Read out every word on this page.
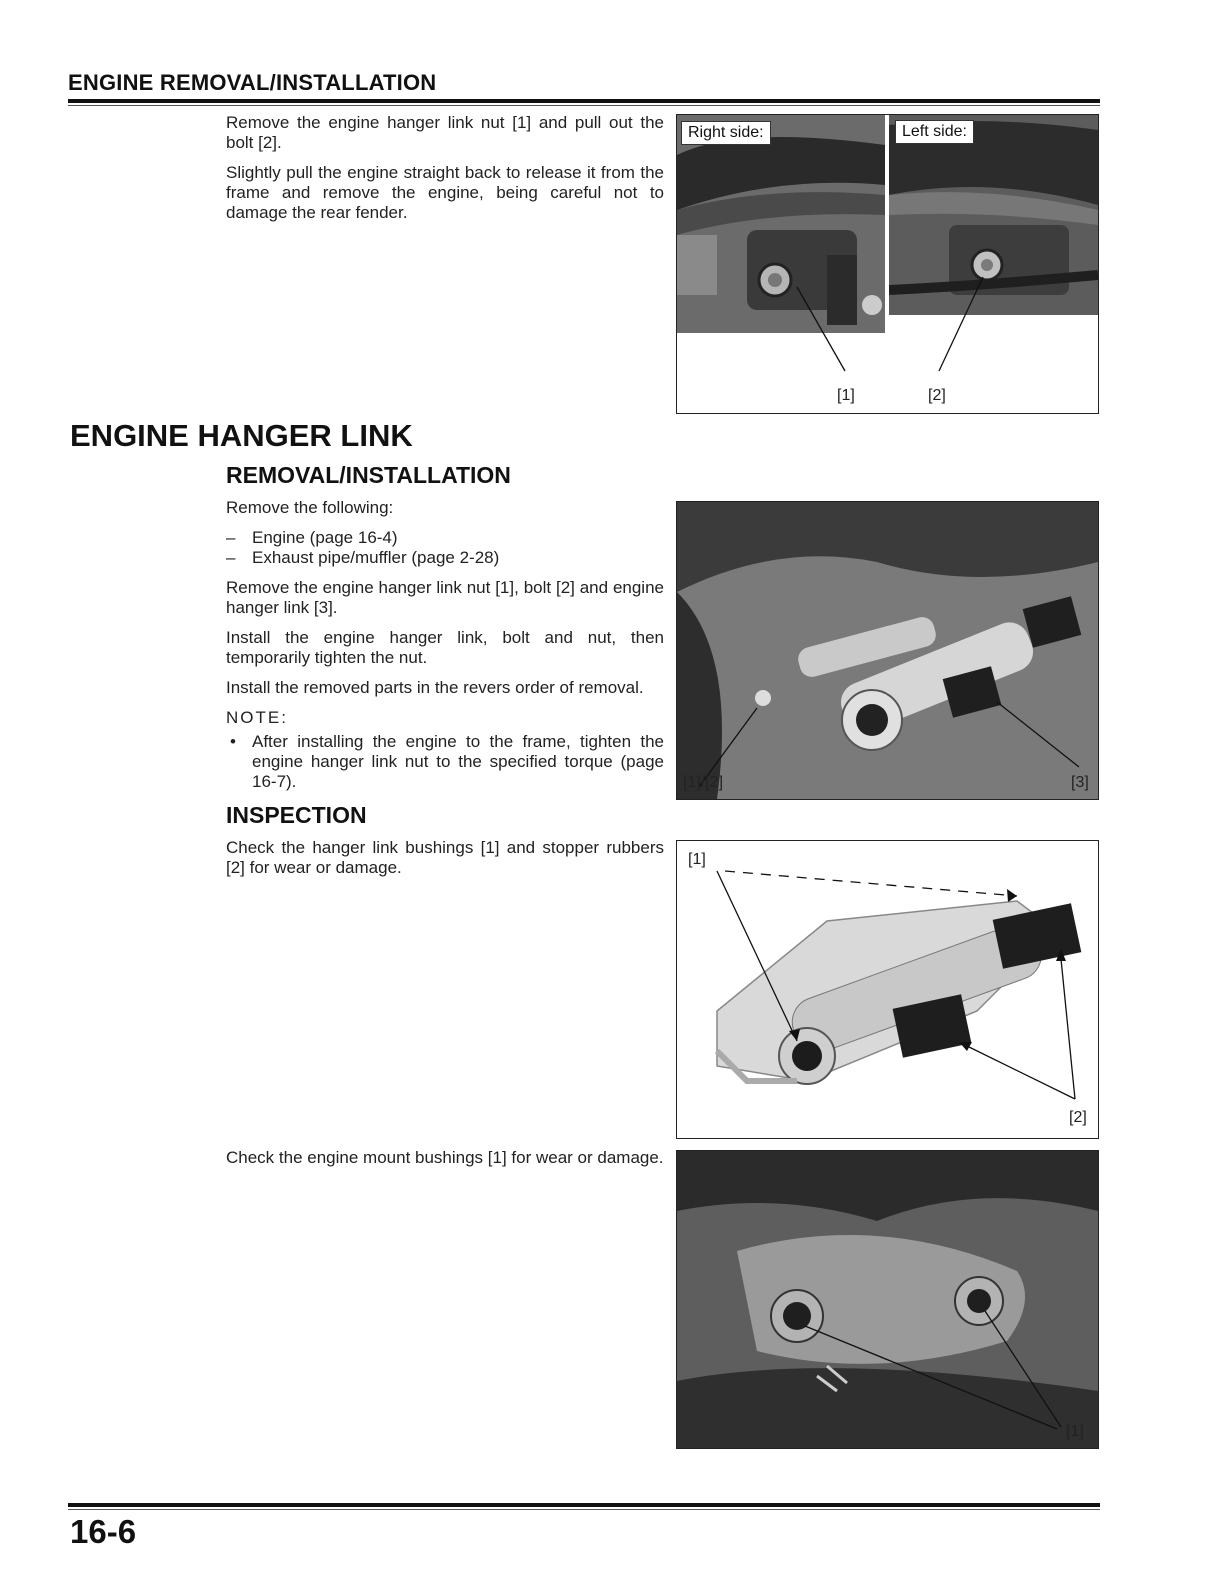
ENGINE REMOVAL/INSTALLATION

Remove the engine hanger link nut [1] and pull out the bolt [2].

Slightly pull the engine straight back to release it from the frame and remove the engine, being careful not to damage the rear fender.

Right side:	Left side:
[1]	[2]
ENGINE HANGER LINK
REMOVAL/INSTALLATION

Remove the following:

– Engine (page 16-4)
– Exhaust pipe/muffler (page 2-28)

Remove the engine hanger link nut [1], bolt [2] and engine hanger link [3].

Install the engine hanger link, bolt and nut, then temporarily tighten the nut.

Install the removed parts in the revers order of removal.

NOTE:

• After installing the engine to the frame, tighten the engine hanger link nut to the specified torque (page 16-7).	[1]/[2]	[3]
INSPECTION

Check the hanger link bushings [1] and stopper rubbers [2] for wear or damage.	[1]
[2]

Check the engine mount bushings [1] for wear or damage.

[1]
16-6
